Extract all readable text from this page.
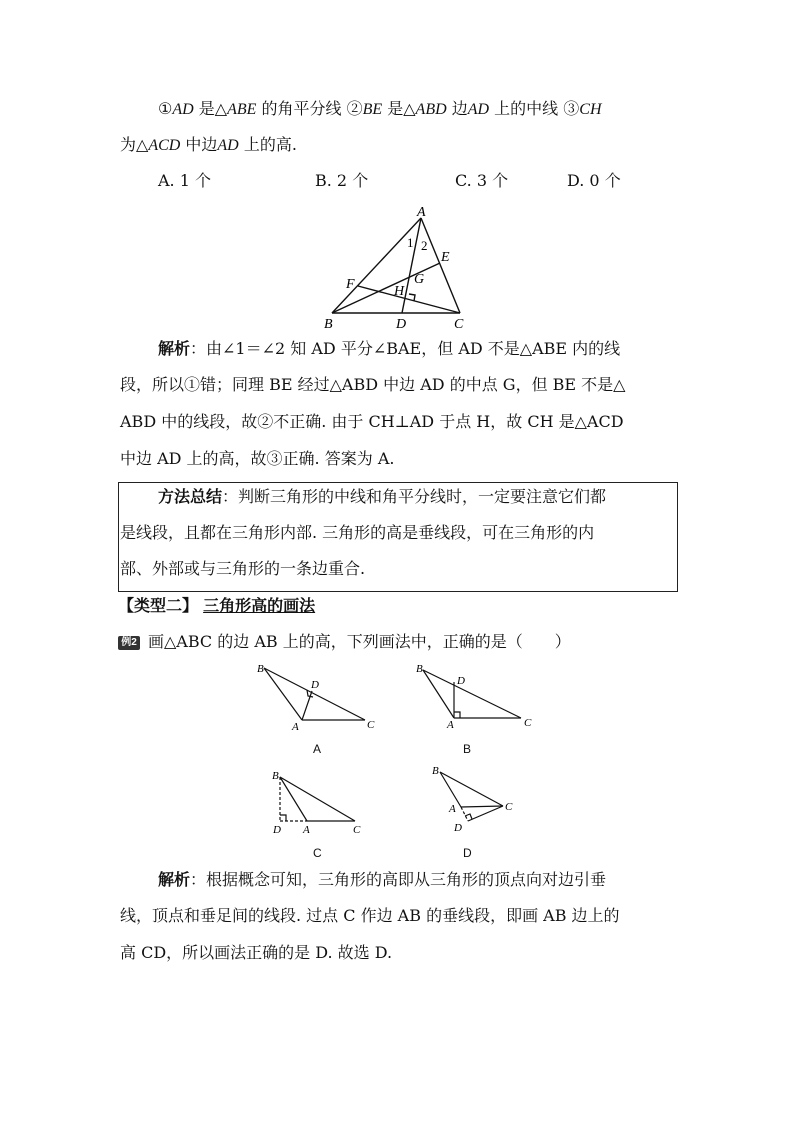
①AD 是△ABE 的角平分线 ②BE 是△ABD 边AD 上的中线 ③CH
为△ACD 中边AD 上的高.
A. 1 个	B. 2 个	C. 3 个	D. 0 个
A
B	C
D
E
F	G
H
1 2
解析：由∠1＝∠2 知 AD 平分∠BAE，但 AD 不是△ABE 内的线
段，所以①错；同理 BE 经过△ABD 中边 AD 的中点 G，但 BE 不是△
ABD 中的线段，故②不正确. 由于 CH⊥AD 于点 H，故 CH 是△ACD
中边 AD 上的高，故③正确. 答案为 A.
方法总结：判断三角形的中线和角平分线时，一定要注意它们都
是线段，且都在三角形内部. 三角形的高是垂线段，可在三角形的内
部、外部或与三角形的一条边重合.
【类型二】 三角形高的画法
例2 画△ABC 的边 AB 上的高，下列画法中，正确的是（　　）
B
A	C
D
A
B
A	C
D
B
B
D A	C
C
B
A	C
D
D
解析：根据概念可知，三角形的高即从三角形的顶点向对边引垂
线，顶点和垂足间的线段. 过点 C 作边 AB 的垂线段，即画 AB 边上的
高 CD，所以画法正确的是 D. 故选 D.
